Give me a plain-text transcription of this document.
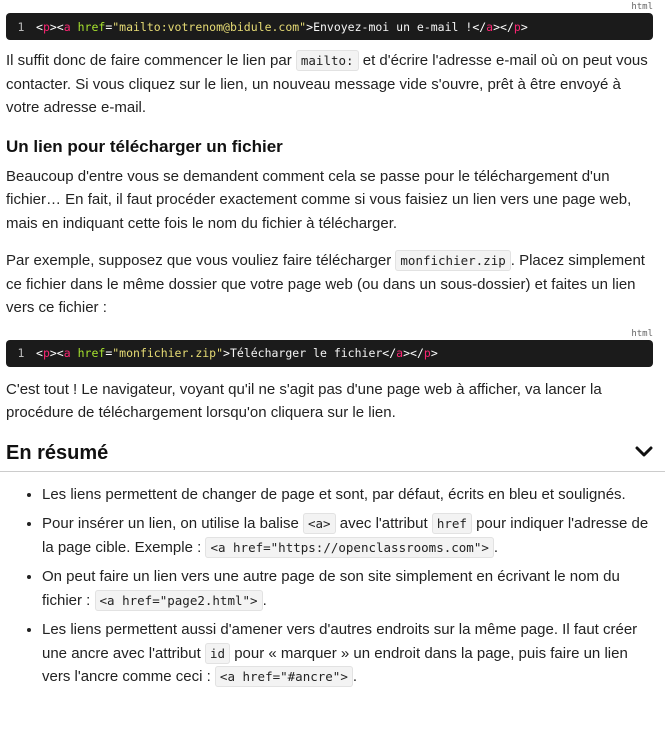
html
1	<p><a href="mailto:votrenom@bidule.com">Envoyez-moi un e-mail !</a></p>

Il suffit donc de faire commencer le lien par mailto: et d'écrire l'adresse e-mail où on peut vous contacter. Si vous cliquez sur le lien, un nouveau message vide s'ouvre, prêt à être envoyé à votre adresse e-mail.

Un lien pour télécharger un fichier

Beaucoup d'entre vous se demandent comment cela se passe pour le téléchargement d'un fichier… En fait, il faut procéder exactement comme si vous faisiez un lien vers une page web, mais en indiquant cette fois le nom du fichier à télécharger.

Par exemple, supposez que vous vouliez faire télécharger monfichier.zip . Placez simplement ce fichier dans le même dossier que votre page web (ou dans un sous-dossier) et faites un lien vers ce fichier :

html
1	<p><a href="monfichier.zip">Télécharger le fichier</a></p>

C'est tout ! Le navigateur, voyant qu'il ne s'agit pas d'une page web à afficher, va lancer la procédure de téléchargement lorsqu'on cliquera sur le lien.

En résumé
• Les liens permettent de changer de page et sont, par défaut, écrits en bleu et soulignés.
• Pour insérer un lien, on utilise la balise <a> avec l'attribut href pour indiquer l'adresse de la page cible. Exemple : <a href="https://openclassrooms.com"> .
• On peut faire un lien vers une autre page de son site simplement en écrivant le nom du fichier : <a href="page2.html"> .
• Les liens permettent aussi d'amener vers d'autres endroits sur la même page. Il faut créer une ancre avec l'attribut id pour « marquer » un endroit dans la page, puis faire un lien vers l'ancre comme ceci : <a href="#ancre"> .
